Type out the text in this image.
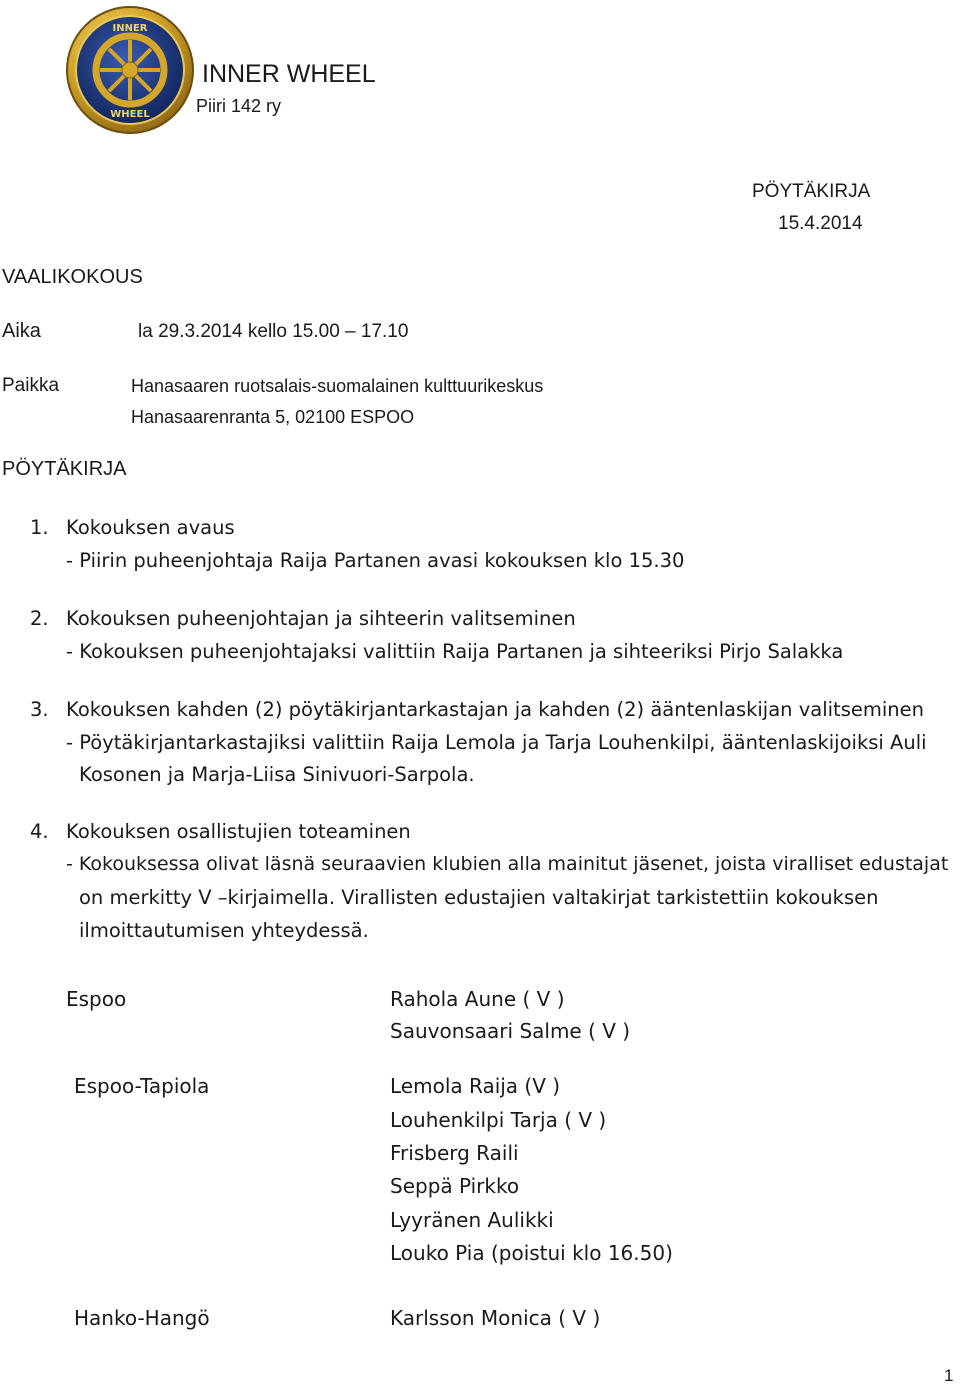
INNER
WHEEL
INNER WHEEL
Piiri 142 ry
PÖYTÄKIRJA
15.4.2014
VAALIKOKOUS
Aika	la 29.3.2014 kello 15.00 – 17.10
Paikka	Hanasaaren ruotsalais-suomalainen kulttuurikeskus
Hanasaarenranta 5, 02100 ESPOO
PÖYTÄKIRJA
1. Kokouksen avaus
- Piirin puheenjohtaja Raija Partanen avasi kokouksen klo 15.30
2. Kokouksen puheenjohtajan ja sihteerin valitseminen
- Kokouksen puheenjohtajaksi valittiin Raija Partanen ja sihteeriksi Pirjo Salakka
3. Kokouksen kahden (2) pöytäkirjantarkastajan ja kahden (2) ääntenlaskijan valitseminen
- Pöytäkirjantarkastajiksi valittiin Raija Lemola ja Tarja Louhenkilpi, ääntenlaskijoiksi Auli
Kosonen ja Marja-Liisa Sinivuori-Sarpola.
4. Kokouksen osallistujien toteaminen
- Kokouksessa olivat läsnä seuraavien klubien alla mainitut jäsenet, joista viralliset edustajat
on merkitty V –kirjaimella. Virallisten edustajien valtakirjat tarkistettiin kokouksen
ilmoittautumisen yhteydessä.
Espoo	Rahola Aune ( V )
Sauvonsaari Salme ( V )
Espoo-Tapiola	Lemola Raija (V )
Louhenkilpi Tarja ( V )
Frisberg Raili
Seppä Pirkko
Lyyränen Aulikki
Louko Pia (poistui klo 16.50)
Hanko-Hangö	Karlsson Monica ( V )
1
